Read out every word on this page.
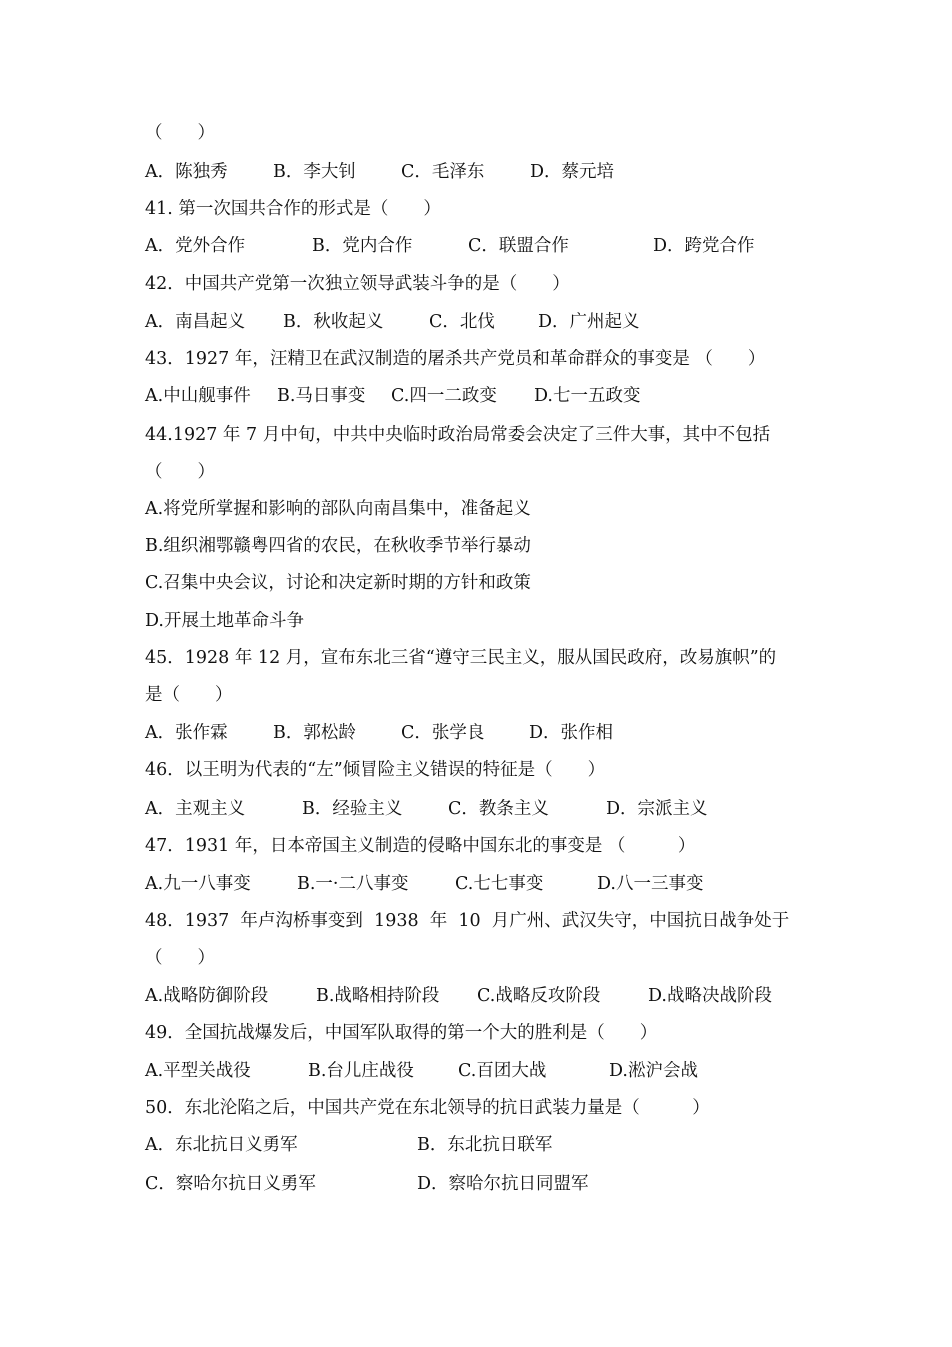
（　　）

A．陈独秀

	B．李大钊

	C．毛泽东

	D．蔡元培

41. 第一次国共合作的形式是（　　）

A．党外合作

	B．党内合作

	C．联盟合作

	D．跨党合作

42．中国共产党第一次独立领导武装斗争的是（　　）

A．南昌起义

B．秋收起义

	C．北伐

D．广州起义

43．1927 年，汪精卫在武汉制造的屠杀共产党员和革命群众的事变是 （　　）

A.中山舰事件

B.马日事变

C.四一二政变

D.七一五政变

44.1927 年 7 月中旬，中共中央临时政治局常委会决定了三件大事，其中不包括
（　　）
A.将党所掌握和影响的部队向南昌集中，准备起义
B.组织湘鄂赣粤四省的农民，在秋收季节举行暴动
C.召集中央会议，讨论和决定新时期的方针和政策
D.开展土地革命斗争
45．1928 年 12 月，宣布东北三省“遵守三民主义，服从国民政府，改易旗帜”的
是（　　）

A．张作霖

	B．郭松龄

	C．张学良

	D．张作相

46．以王明为代表的“左”倾冒险主义错误的特征是（　　）

A．主观主义

	B．经验主义

	C．教条主义

	D．宗派主义

47．1931 年，日本帝国主义制造的侵略中国东北的事变是 （　　　）

A.九一八事变

	B.一·二八事变

	C.七七事变

	D.八一三事变

48．1937  年卢沟桥事变到  1938  年  10  月广州、武汉失守，中国抗日战争处于
（　　）

A.战略防御阶段

	B.战略相持阶段

C.战略反攻阶段

	D.战略决战阶段

49．全国抗战爆发后，中国军队取得的第一个大的胜利是（　　）

A.平型关战役

	B.台儿庄战役

	C.百团大战

	D.淞沪会战

50．东北沦陷之后，中国共产党在东北领导的抗日武装力量是（　　　）

A．东北抗日义勇军

	B．东北抗日联军

C．察哈尔抗日义勇军

	D．察哈尔抗日同盟军
